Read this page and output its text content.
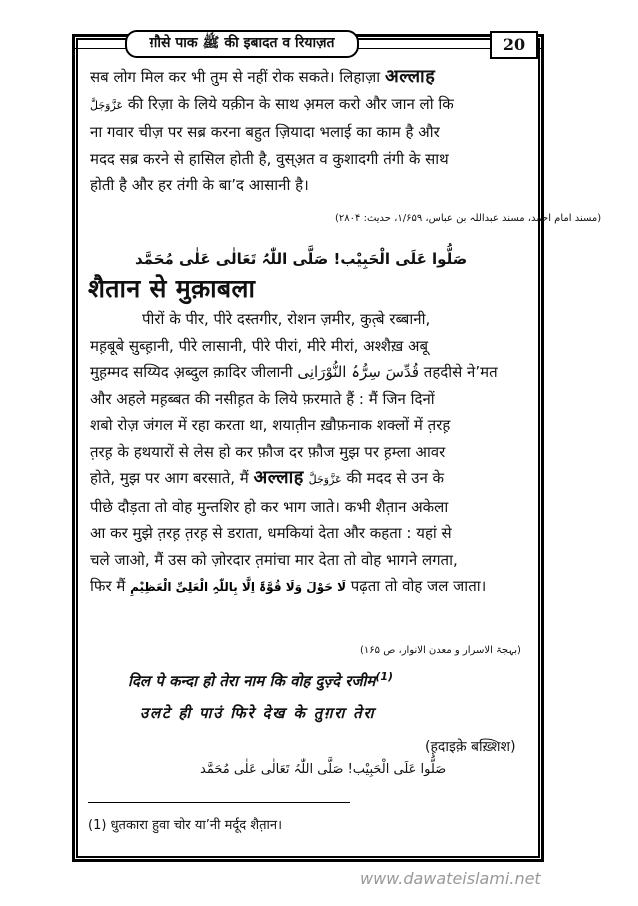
ग़ौसे पाक ﷺ की इबादत व रियाज़त	20
सब लोग मिल कर भी तुम से नहीं रोक सकते। लिहाज़ा अल्लाह
عَزَّوَجَلَّ की रिज़ा के लिये यक़ीन के साथ अ़मल करो और जान लो कि
ना गवार चीज़ पर सब्र करना बहुत ज़ियादा भलाई का काम है और
मदद सब्र करने से हासिल होती है, वुस्अ़त व कुशादगी तंगी के साथ
होती है और हर तंगी के बा’द आसानी है।
(مسند امام احمد، مسند عبداللہ بن عباس، ۱/۶۵۹، حدیث: ۲۸۰۴)
صَلُّوا عَلَی الْحَبِیْب! صَلَّی اللّٰہُ تَعَالٰی عَلٰی مُحَمَّد
शैतान से मुक़ाबला
पीरों के पीर, पीरे दस्तगीर, रोशन ज़मीर, कुत़्बे रब्बानी,
मह़बूबे सुब्ह़ानी, पीरे लासानी, पीरे पीरां, मीरे मीरां, अश्शैख़ अबू
मुह़म्मद सय्यिद अ़ब्दुल क़ादिर जीलानी قُدِّسَ سِرُّہُ النُّوْرَانِی तहदीसे ने’मत
और अहले मह़ब्बत की नसीह़त के लिये फ़रमाते हैं : मैं जिन दिनों
शबो रोज़ जंगल में रहा करता था, शयात़ीन ख़ौफ़नाक शक्लों में त़रह़
त़रह़ के हथयारों से लेस हो कर फ़ौज दर फ़ौज मुझ पर ह़म्ला आवर
होते, मुझ पर आग बरसाते, मैं अल्लाह عَزَّوَجَلَّ की मदद से उन के
पीछे दौड़ता तो वोह मुन्तशिर हो कर भाग जाते। कभी शैत़ान अकेला
आ कर मुझे त़रह़ त़रह़ से डराता, धमकियां देता और कहता : यहां से
चले जाओ, मैं उस को ज़ोरदार त़मांचा मार देता तो वोह भागने लगता,
फिर मैं لَا حَوْلَ وَلَا قُوَّۃَ اِلَّا بِاللّٰہِ الْعَلِیِّ الْعَظِیْمِ पढ़ता तो वोह जल जाता।
(بہجۃ الاسرار و معدن الانوار، ص ۱۶۵)
दिल पे कन्दा हो तेरा नाम कि वोह दुज़्दे रजीम$^{(1)}$
उलटे ही पाउं फिरे देख के तुग़रा तेरा
(ह़दाइक़े बख़्शिश)
صَلُّوا عَلَی الْحَبِیْب! صَلَّی اللّٰہُ تَعَالٰی عَلٰی مُحَمَّد
(1) धुतकारा हुवा चोर या’नी मर्दूद शैत़ान।
www.dawateislami.net
